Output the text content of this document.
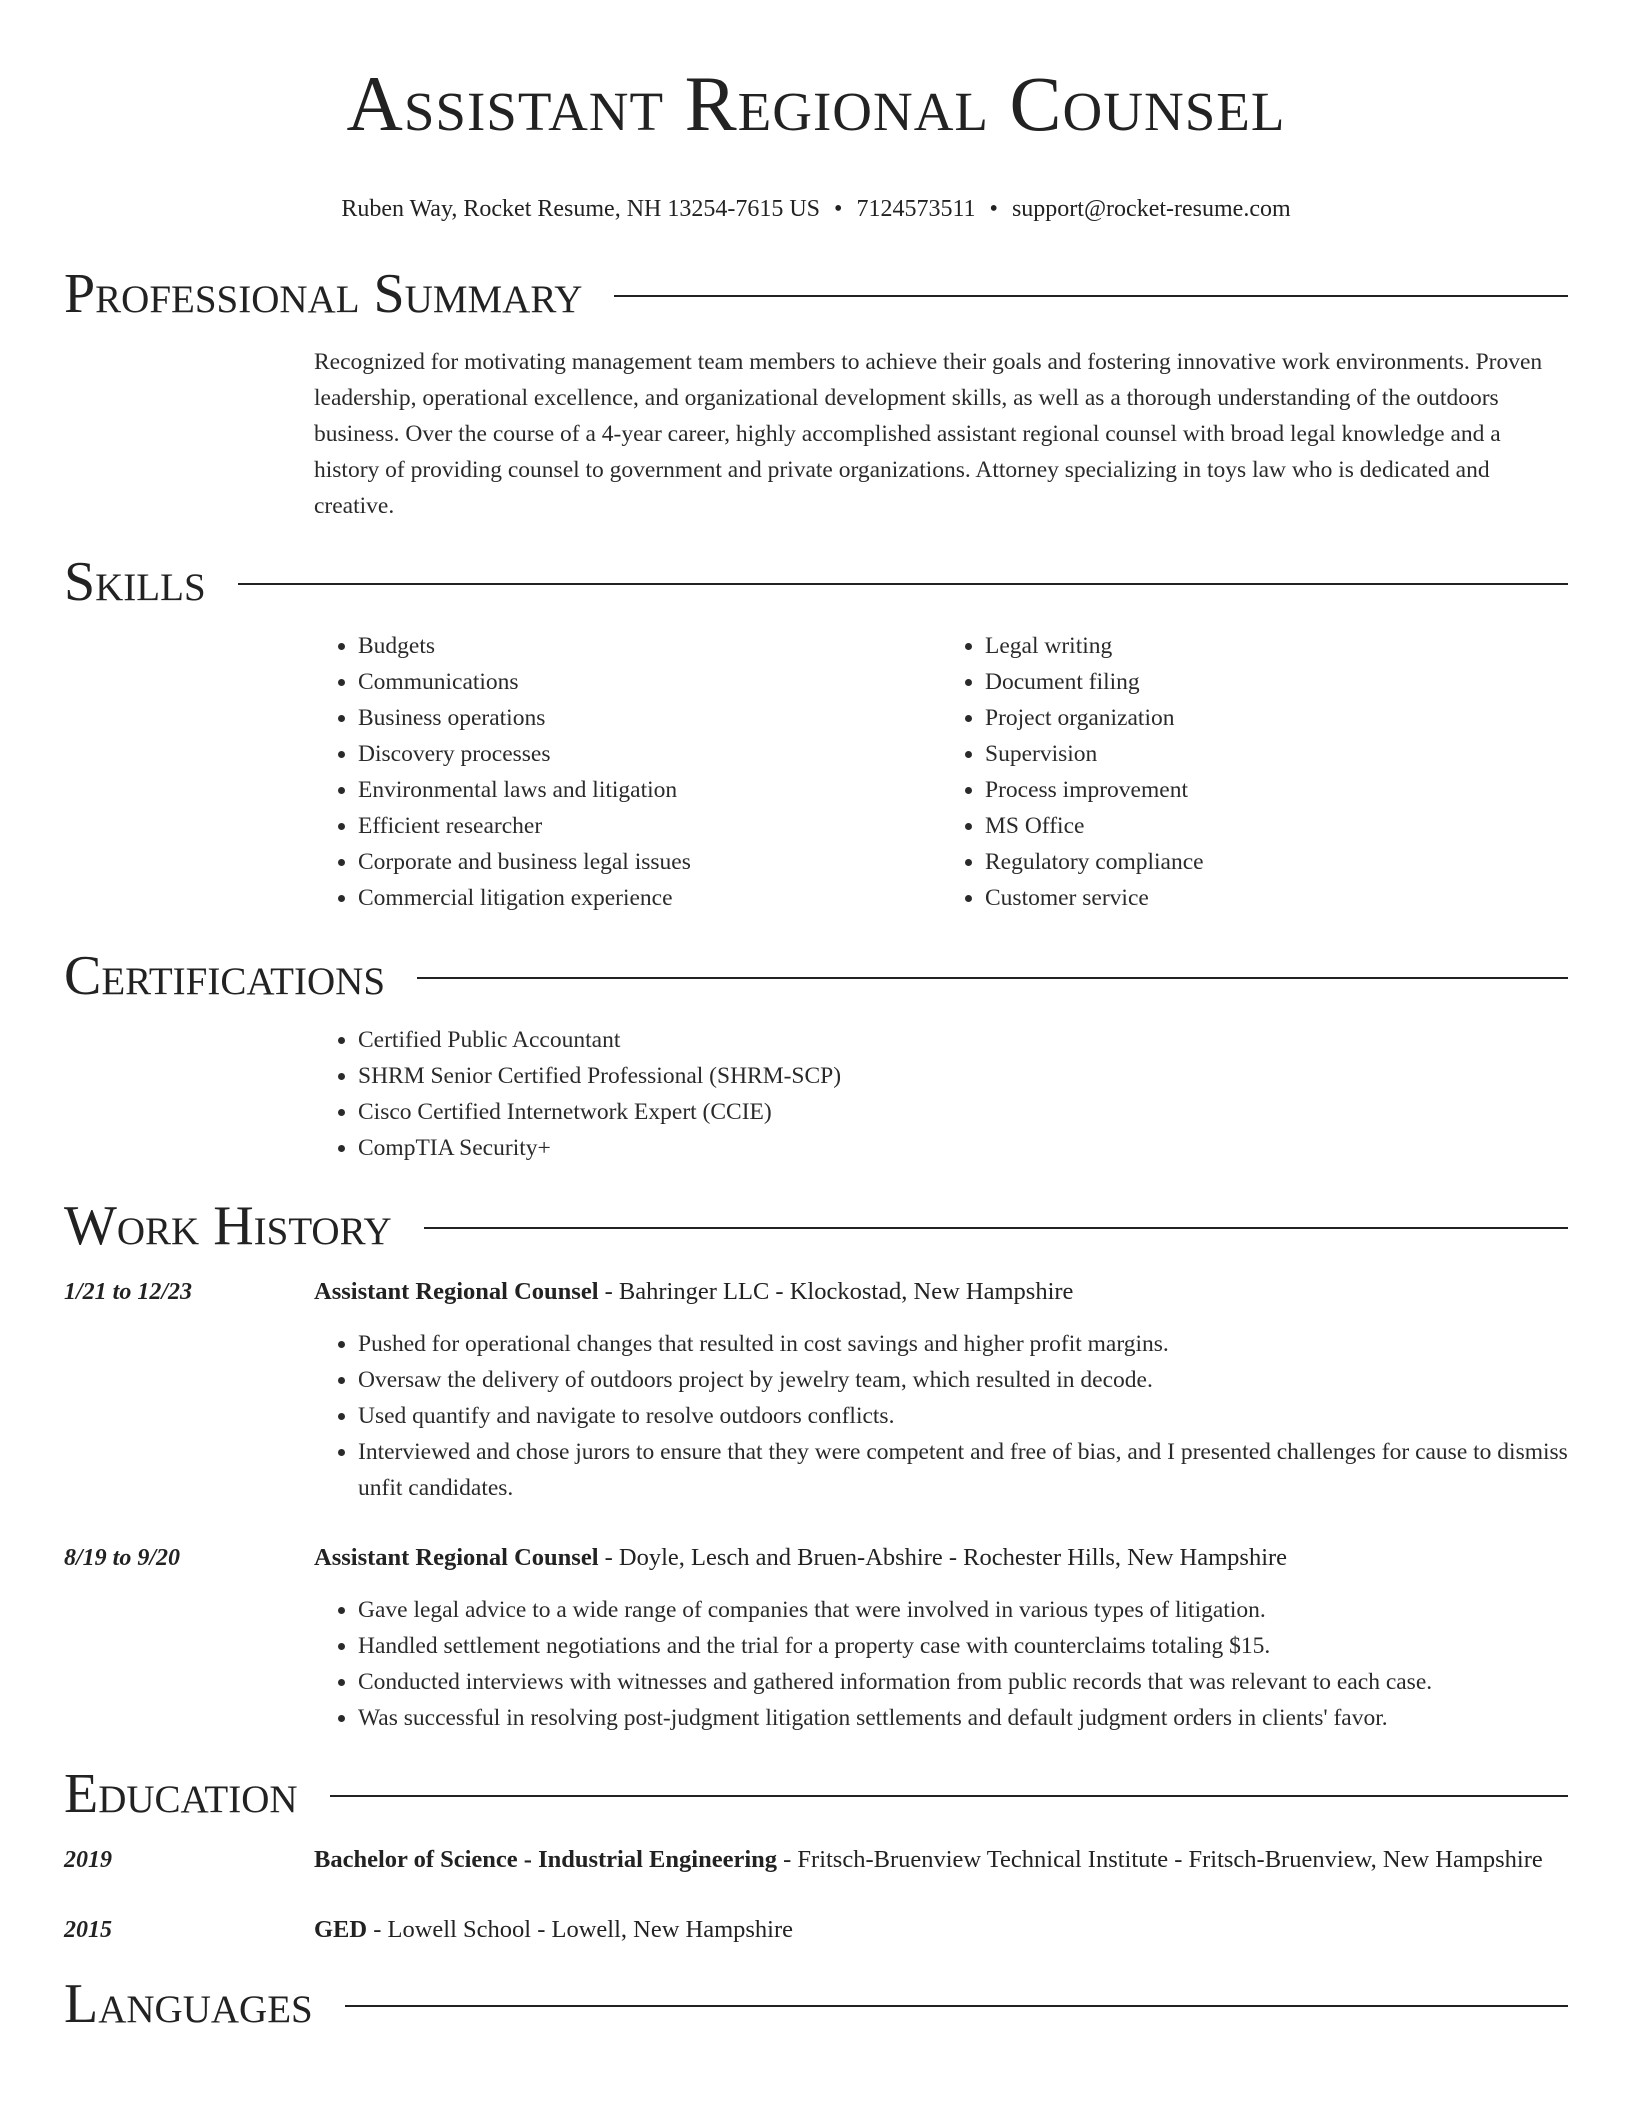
Assistant Regional Counsel
Ruben Way, Rocket Resume, NH 13254-7615 US • 7124573511 • support@rocket-resume.com
Professional Summary
Recognized for motivating management team members to achieve their goals and fostering innovative work environments. Proven leadership, operational excellence, and organizational development skills, as well as a thorough understanding of the outdoors business. Over the course of a 4-year career, highly accomplished assistant regional counsel with broad legal knowledge and a history of providing counsel to government and private organizations. Attorney specializing in toys law who is dedicated and creative.
Skills
• Budgets
• Communications
• Business operations
• Discovery processes
• Environmental laws and litigation
• Efficient researcher
• Corporate and business legal issues
• Commercial litigation experience
• Legal writing
• Document filing
• Project organization
• Supervision
• Process improvement
• MS Office
• Regulatory compliance
• Customer service
Certifications
• Certified Public Accountant
• SHRM Senior Certified Professional (SHRM-SCP)
• Cisco Certified Internetwork Expert (CCIE)
• CompTIA Security+
Work History
1/21 to 12/23	Assistant Regional Counsel - Bahringer LLC - Klockostad, New Hampshire
• Pushed for operational changes that resulted in cost savings and higher profit margins.
• Oversaw the delivery of outdoors project by jewelry team, which resulted in decode.
• Used quantify and navigate to resolve outdoors conflicts.
• Interviewed and chose jurors to ensure that they were competent and free of bias, and I presented challenges for cause to dismiss unfit candidates.
8/19 to 9/20	Assistant Regional Counsel - Doyle, Lesch and Bruen-Abshire - Rochester Hills, New Hampshire
• Gave legal advice to a wide range of companies that were involved in various types of litigation.
• Handled settlement negotiations and the trial for a property case with counterclaims totaling $15.
• Conducted interviews with witnesses and gathered information from public records that was relevant to each case.
• Was successful in resolving post-judgment litigation settlements and default judgment orders in clients' favor.
Education
2019	Bachelor of Science - Industrial Engineering - Fritsch-Bruenview Technical Institute - Fritsch-Bruenview, New Hampshire
2015	GED - Lowell School - Lowell, New Hampshire
Languages
